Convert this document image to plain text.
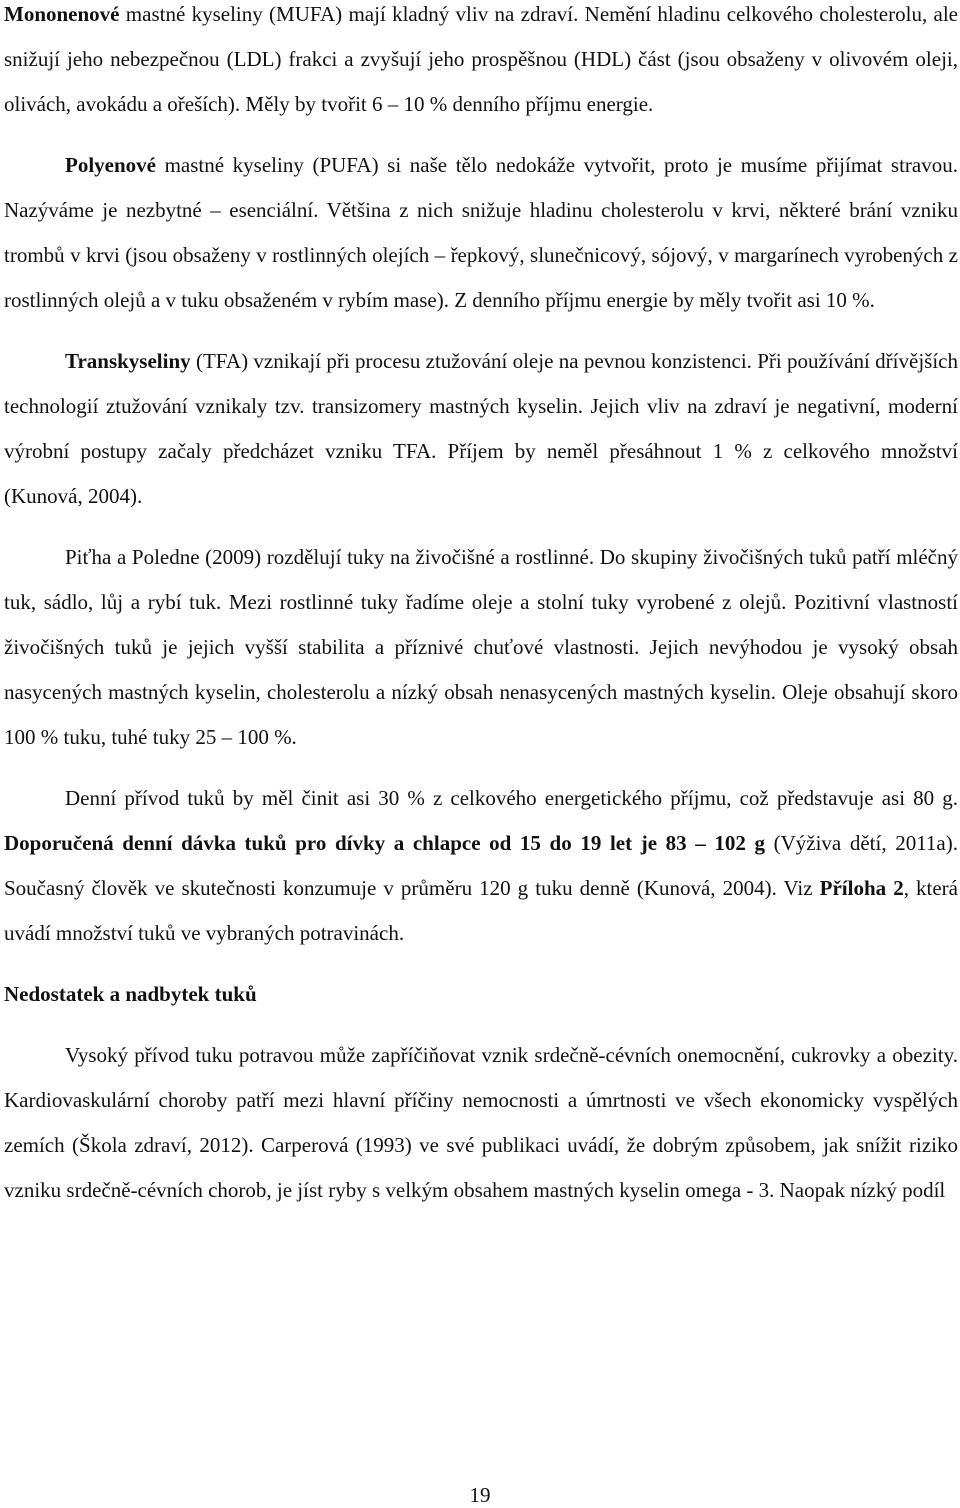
Mononenové mastné kyseliny (MUFA) mají kladný vliv na zdraví. Nemění hladinu celkového cholesterolu, ale snižují jeho nebezpečnou (LDL) frakci a zvyšují jeho prospěšnou (HDL) část (jsou obsaženy v olivovém oleji, olivách, avokádu a ořeších). Měly by tvořit 6 – 10 % denního příjmu energie.

Polyenové mastné kyseliny (PUFA) si naše tělo nedokáže vytvořit, proto je musíme přijímat stravou. Nazýváme je nezbytné – esenciální. Většina z nich snižuje hladinu cholesterolu v krvi, některé brání vzniku trombů v krvi (jsou obsaženy v rostlinných olejích – řepkový, slunečnicový, sójový, v margarínech vyrobených z rostlinných olejů a v tuku obsaženém v rybím mase). Z denního příjmu energie by měly tvořit asi 10 %.

Transkyseliny (TFA) vznikají při procesu ztužování oleje na pevnou konzistenci. Při používání dřívějších technologií ztužování vznikaly tzv. transizomery mastných kyselin. Jejich vliv na zdraví je negativní, moderní výrobní postupy začaly předcházet vzniku TFA. Příjem by neměl přesáhnout 1 % z celkového množství (Kunová, 2004).

Piťha a Poledne (2009) rozdělují tuky na živočišné a rostlinné. Do skupiny živočišných tuků patří mléčný tuk, sádlo, lůj a rybí tuk. Mezi rostlinné tuky řadíme oleje a stolní tuky vyrobené z olejů. Pozitivní vlastností živočišných tuků je jejich vyšší stabilita a příznivé chuťové vlastnosti. Jejich nevýhodou je vysoký obsah nasycených mastných kyselin, cholesterolu a nízký obsah nenasycených mastných kyselin. Oleje obsahují skoro 100 % tuku, tuhé tuky 25 – 100 %.

Denní přívod tuků by měl činit asi 30 % z celkového energetického příjmu, což představuje asi 80 g. Doporučená denní dávka tuků pro dívky a chlapce od 15 do 19 let je 83 – 102 g (Výživa dětí, 2011a). Současný člověk ve skutečnosti konzumuje v průměru 120 g tuku denně (Kunová, 2004). Viz Příloha 2, která uvádí množství tuků ve vybraných potravinách.

Nedostatek a nadbytek tuků

Vysoký přívod tuku potravou může zapříčiňovat vznik srdečně-cévních onemocnění, cukrovky a obezity. Kardiovaskulární choroby patří mezi hlavní příčiny nemocnosti a úmrtnosti ve všech ekonomicky vyspělých zemích (Škola zdraví, 2012). Carperová (1993) ve své publikaci uvádí, že dobrým způsobem, jak snížit riziko vzniku srdečně-cévních chorob, je jíst ryby s velkým obsahem mastných kyselin omega - 3. Naopak nízký podíl

19
